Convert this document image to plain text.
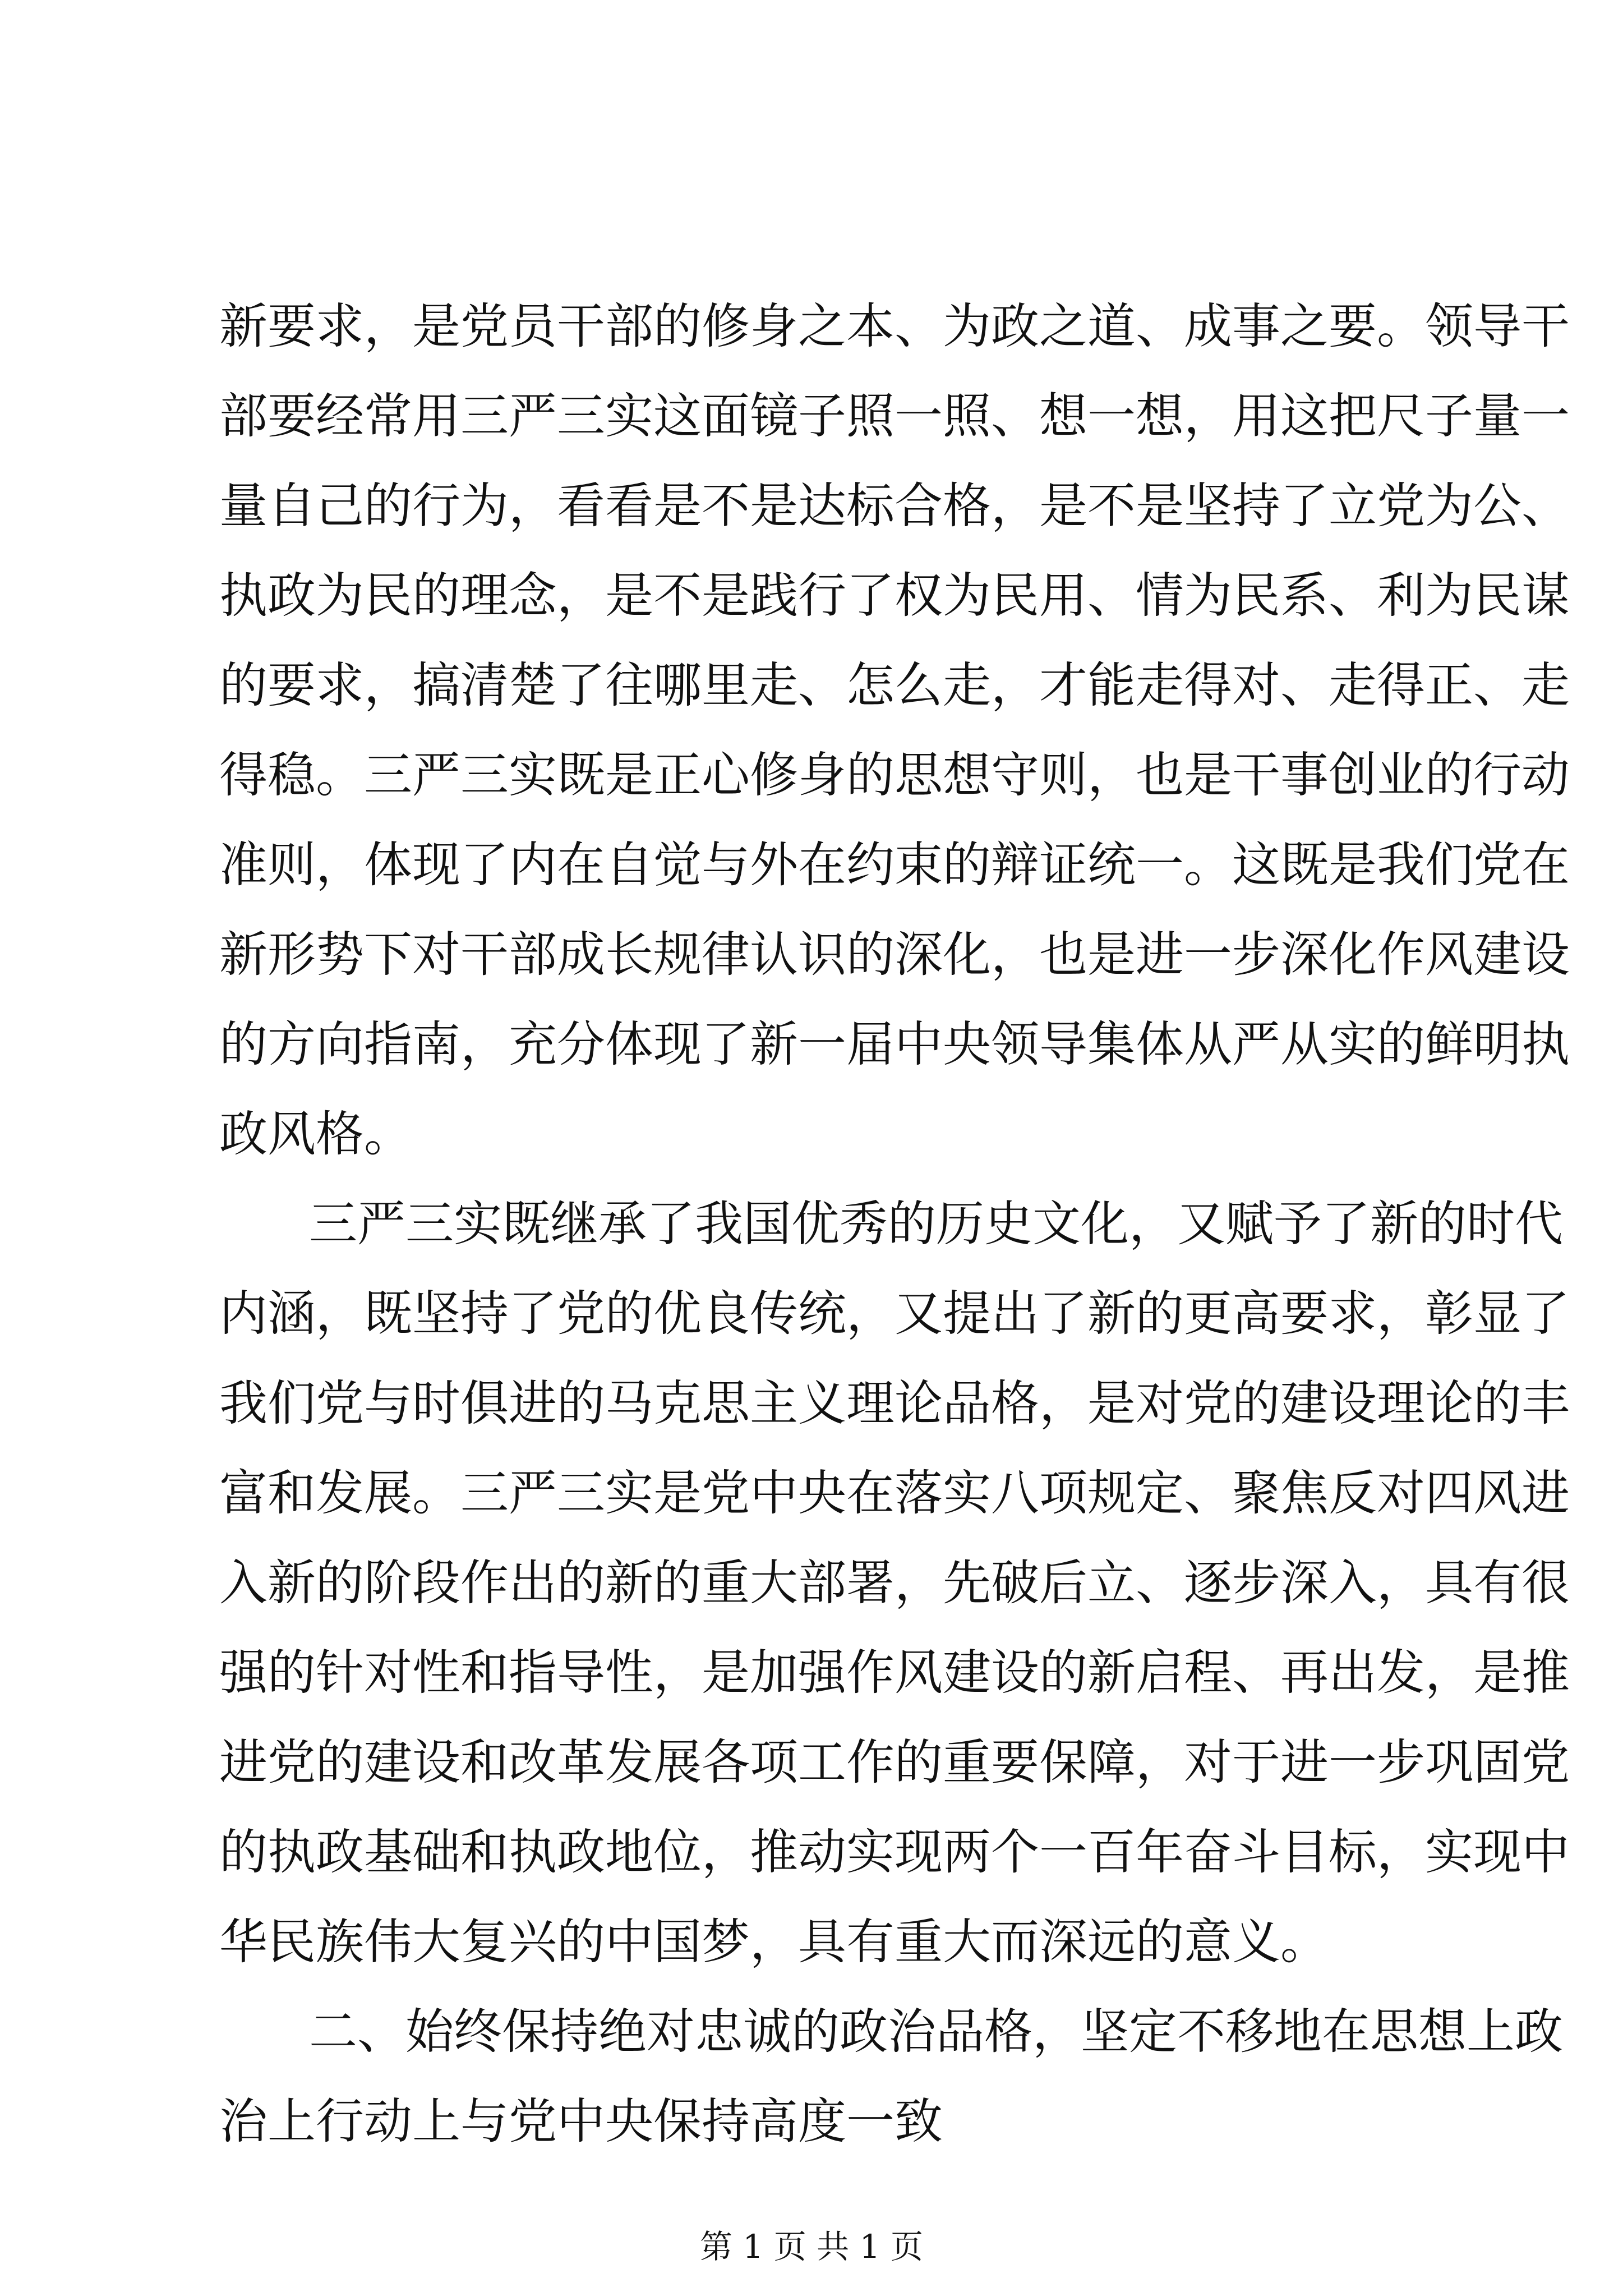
新要求，是党员干部的修身之本、为政之道、成事之要。领导干
部要经常用三严三实这面镜子照一照、想一想，用这把尺子量一
量自己的行为，看看是不是达标合格，是不是坚持了立党为公、
执政为民的理念，是不是践行了权为民用、情为民系、利为民谋
的要求，搞清楚了往哪里走、怎么走，才能走得对、走得正、走
得稳。三严三实既是正心修身的思想守则，也是干事创业的行动
准则，体现了内在自觉与外在约束的辩证统一。这既是我们党在
新形势下对干部成长规律认识的深化，也是进一步深化作风建设
的方向指南，充分体现了新一届中央领导集体从严从实的鲜明执
政风格。
三严三实既继承了我国优秀的历史文化，又赋予了新的时代
内涵，既坚持了党的优良传统，又提出了新的更高要求，彰显了
我们党与时俱进的马克思主义理论品格，是对党的建设理论的丰
富和发展。三严三实是党中央在落实八项规定、聚焦反对四风进
入新的阶段作出的新的重大部署，先破后立、逐步深入，具有很
强的针对性和指导性，是加强作风建设的新启程、再出发，是推
进党的建设和改革发展各项工作的重要保障，对于进一步巩固党
的执政基础和执政地位，推动实现两个一百年奋斗目标，实现中
华民族伟大复兴的中国梦，具有重大而深远的意义。
二、始终保持绝对忠诚的政治品格，坚定不移地在思想上政
治上行动上与党中央保持高度一致
第 1 页 共 1 页
